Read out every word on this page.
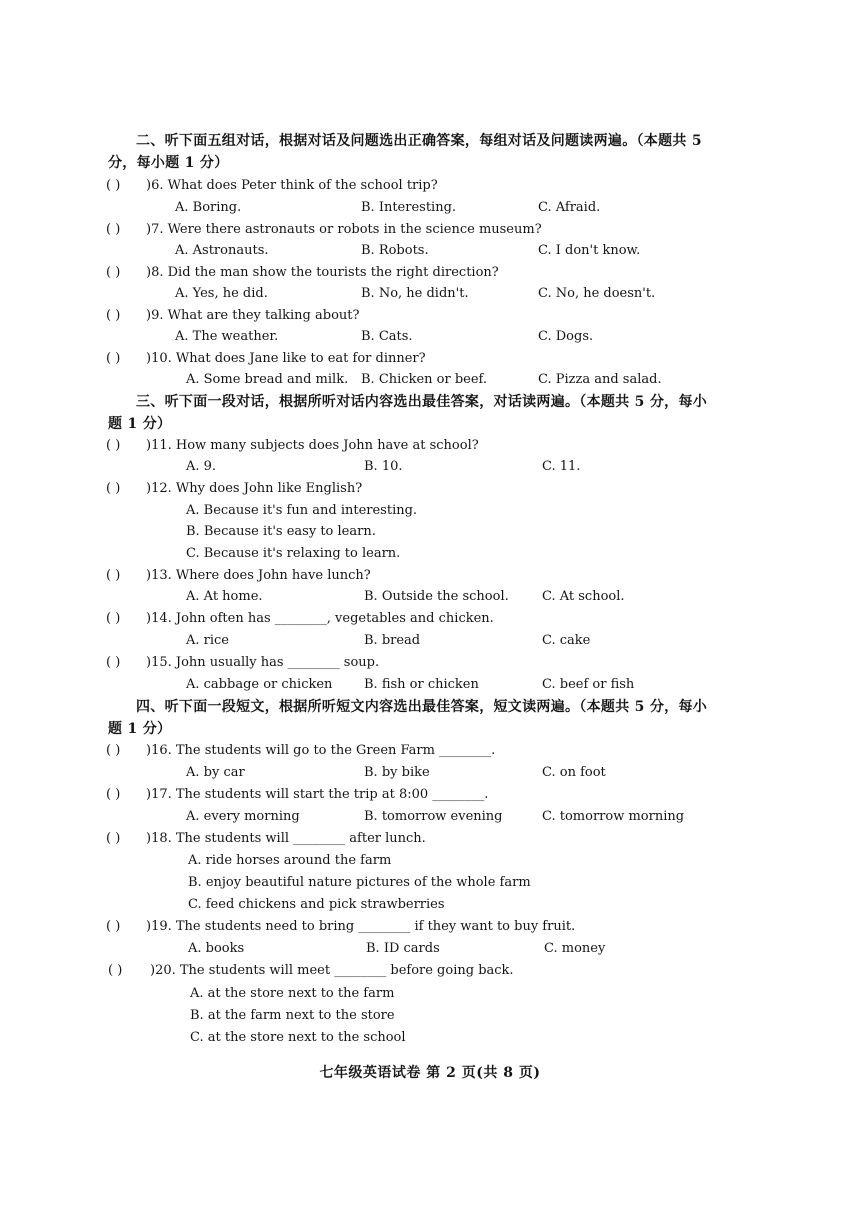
二、听下面五组对话，根据对话及问题选出正确答案，每组对话及问题读两遍。（本题共 5
分，每小题 1 分）
( ) )6. What does Peter think of the school trip?
A. Boring.	B. Interesting.	C. Afraid.
( ) )7. Were there astronauts or robots in the science museum?
A. Astronauts.	B. Robots.	C. I don't know.
( ) )8. Did the man show the tourists the right direction?
A. Yes, he did.	B. No, he didn't.	C. No, he doesn't.
( ) )9. What are they talking about?
A. The weather.	B. Cats.	C. Dogs.
( ) )10. What does Jane like to eat for dinner?
A. Some bread and milk. B. Chicken or beef.	C. Pizza and salad.
三、听下面一段对话，根据所听对话内容选出最佳答案，对话读两遍。（本题共 5 分，每小
题 1 分）
( ) )11. How many subjects does John have at school?
A. 9.	B. 10.	C. 11.
( ) )12. Why does John like English?
A. Because it's fun and interesting.
B. Because it's easy to learn.
C. Because it's relaxing to learn.
( ) )13. Where does John have lunch?
A. At home.	B. Outside the school.	C. At school.
( ) )14. John often has ________, vegetables and chicken.
A. rice	B. bread	C. cake
( ) )15. John usually has ________ soup.
A. cabbage or chicken B. fish or chicken	C. beef or fish
四、听下面一段短文，根据所听短文内容选出最佳答案，短文读两遍。（本题共 5 分，每小
题 1 分）
( ) )16. The students will go to the Green Farm ________.
A. by car	B. by bike	C. on foot
( ) )17. The students will start the trip at 8:00 ________.
A. every morning	B. tomorrow evening	C. tomorrow morning
( ) )18. The students will ________ after lunch.
A. ride horses around the farm
B. enjoy beautiful nature pictures of the whole farm
C. feed chickens and pick strawberries
( ) )19. The students need to bring ________ if they want to buy fruit.
A. books	B. ID cards	C. money
( ) )20. The students will meet ________ before going back.
A. at the store next to the farm
B. at the farm next to the store
C. at the store next to the school
七年级英语试卷 第 2 页(共 8 页)
